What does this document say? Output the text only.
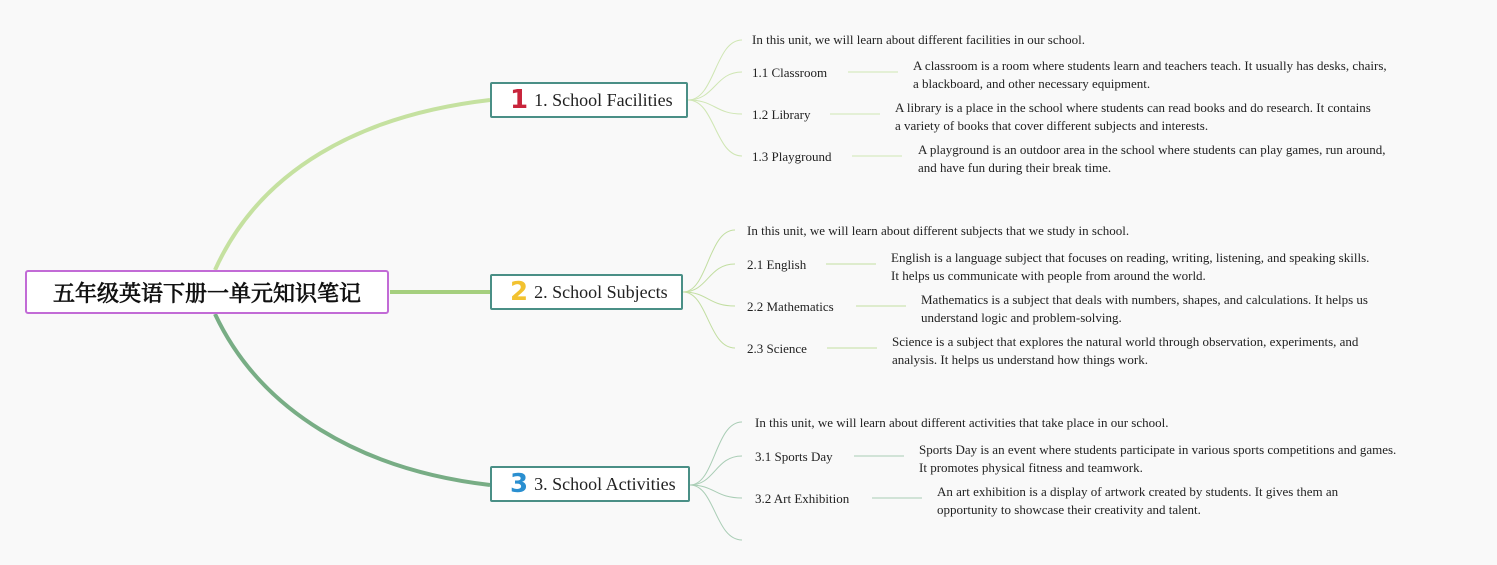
五年级英语下册一单元知识笔记
1 1. School Facilities
In this unit, we will learn about different facilities in our school.
1.1 Classroom	A classroom is a room where students learn and teachers teach. It usually has desks, chairs, a blackboard, and other necessary equipment.
1.2 Library	A library is a place in the school where students can read books and do research. It contains a variety of books that cover different subjects and interests.
1.3 Playground	A playground is an outdoor area in the school where students can play games, run around, and have fun during their break time.
2 2. School Subjects
In this unit, we will learn about different subjects that we study in school.
2.1 English	English is a language subject that focuses on reading, writing, listening, and speaking skills. It helps us communicate with people from around the world.
2.2 Mathematics	Mathematics is a subject that deals with numbers, shapes, and calculations. It helps us understand logic and problem-solving.
2.3 Science	Science is a subject that explores the natural world through observation, experiments, and analysis. It helps us understand how things work.
3 3. School Activities
In this unit, we will learn about different activities that take place in our school.
3.1 Sports Day	Sports Day is an event where students participate in various sports competitions and games. It promotes physical fitness and teamwork.
3.2 Art Exhibition	An art exhibition is a display of artwork created by students. It gives them an opportunity to showcase their creativity and talent.
